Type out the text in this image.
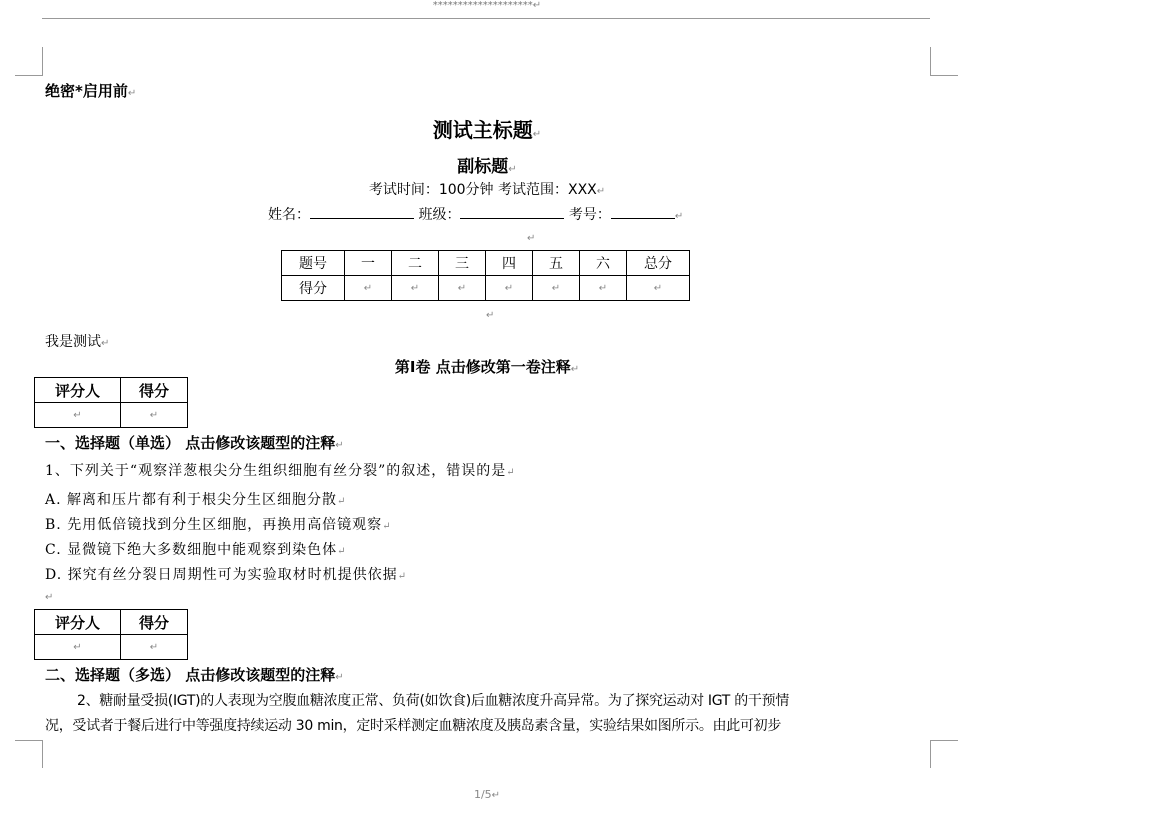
********************↵
绝密*启用前↵
测试主标题↵
副标题↵
考试时间：100分钟 考试范围：XXX↵
姓名：	班级：	考号：	↵
↵
题号	一	二	三	四	五	六	总分
得分	↵	↵	↵	↵	↵	↵	↵
↵
我是测试↵
第Ⅰ卷 点击修改第一卷注释↵
评分人	得分
↵	↵
一、选择题（单选） 点击修改该题型的注释↵
1、下列关于“观察洋葱根尖分生组织细胞有丝分裂”的叙述，错误的是↵
A. 解离和压片都有利于根尖分生区细胞分散↵
B. 先用低倍镜找到分生区细胞，再换用高倍镜观察↵
C. 显微镜下绝大多数细胞中能观察到染色体↵
D. 探究有丝分裂日周期性可为实验取材时机提供依据↵
↵
评分人	得分
↵	↵
二、选择题（多选） 点击修改该题型的注释↵
2、糖耐量受损(IGT)的人表现为空腹血糖浓度正常、负荷(如饮食)后血糖浓度升高异常。为了探究运动对 IGT 的干预情
况，受试者于餐后进行中等强度持续运动 30 min，定时采样测定血糖浓度及胰岛素含量，实验结果如图所示。由此可初步
1/5↵
